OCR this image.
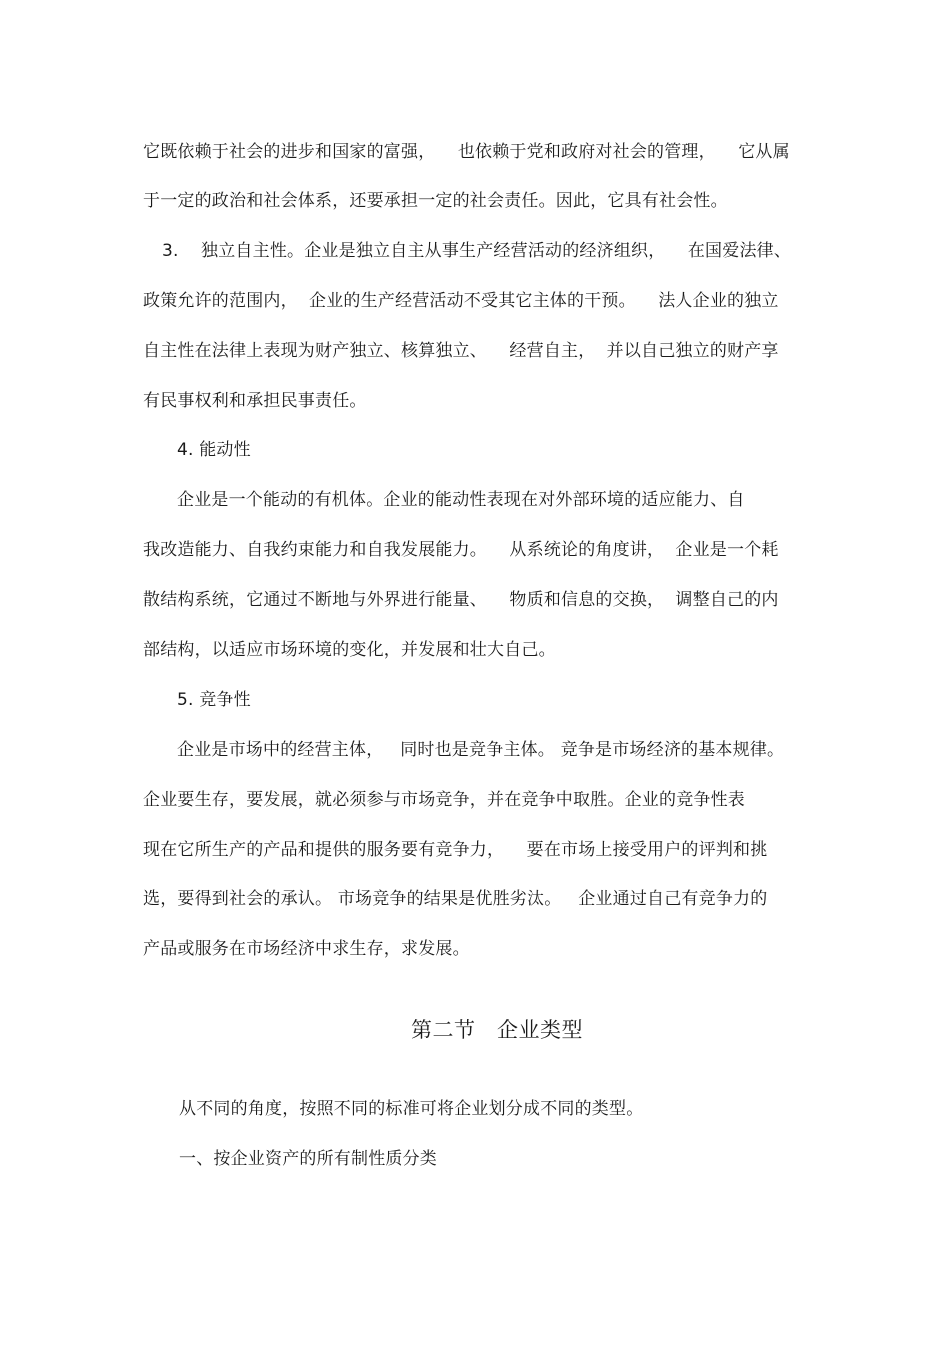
它既依赖于社会的进步和国家的富强，    也依赖于党和政府对社会的管理，    它从属
于一定的政治和社会体系，还要承担一定的社会责任。因此，它具有社会性。
3.    独立自主性。企业是独立自主从事生产经营活动的经济组织，    在国爱法律、
政策允许的范围内，  企业的生产经营活动不受其它主体的干预。    法人企业的独立
自主性在法律上表现为财产独立、核算独立、    经营自主，  并以自己独立的财产享
有民事权利和承担民事责任。
4. 能动性
企业是一个能动的有机体。企业的能动性表现在对外部环境的适应能力、自
我改造能力、自我约束能力和自我发展能力。    从系统论的角度讲，  企业是一个耗
散结构系统，它通过不断地与外界进行能量、    物质和信息的交换，  调整自己的内
部结构，以适应市场环境的变化，并发展和壮大自己。
5. 竞争性
企业是市场中的经营主体，   同时也是竞争主体。 竞争是市场经济的基本规律。
企业要生存，要发展，就必须参与市场竞争，并在竞争中取胜。企业的竞争性表
现在它所生产的产品和提供的服务要有竞争力，    要在市场上接受用户的评判和挑
选，要得到社会的承认。 市场竞争的结果是优胜劣汰。   企业通过自己有竞争力的
产品或服务在市场经济中求生存，求发展。
第二节   企业类型
从不同的角度，按照不同的标准可将企业划分成不同的类型。
一、按企业资产的所有制性质分类
